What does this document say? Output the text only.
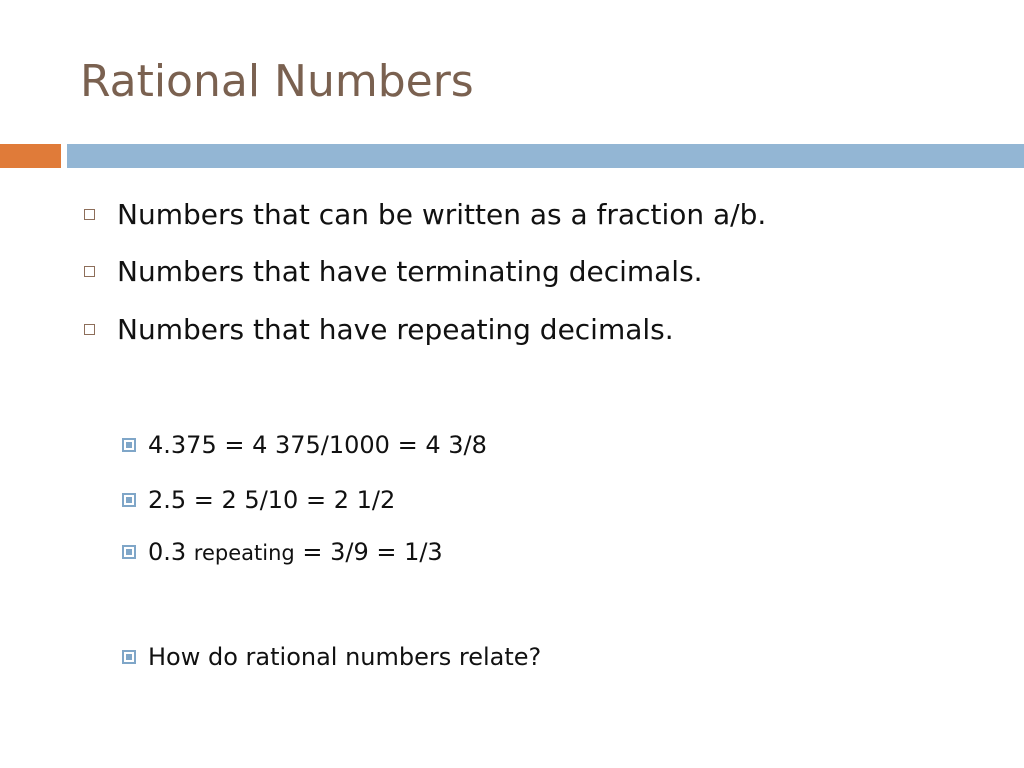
Rational Numbers
Numbers that can be written as a fraction a/b.
Numbers that have terminating decimals.
Numbers that have repeating decimals.
4.375 = 4 375/1000 = 4 3/8
2.5 = 2 5/10 = 2 1/2
0.3 repeating = 3/9 = 1/3
How do rational numbers relate?
